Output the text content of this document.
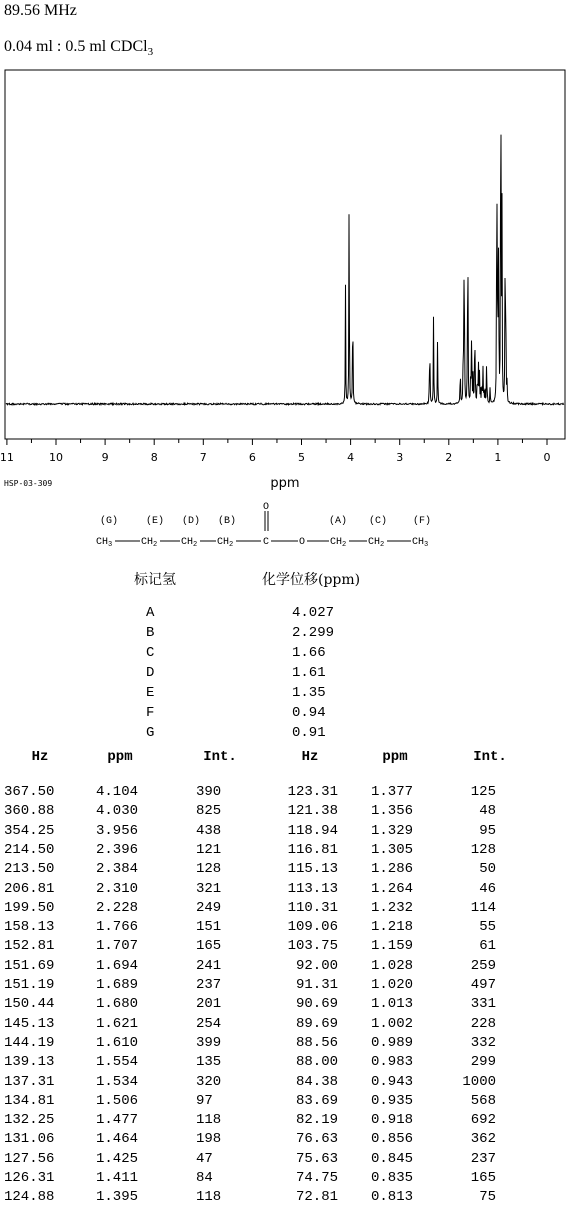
89.56 MHz
0.04 ml : 0.5 ml CDCl$_3$
11	10	9	8	7	6	5	4	3	2	1	0
HSP-03-309	ppm
(G)	(E) (D) (B)	(A) (C)	(F)
O
$CH_3$	$CH_2$ $CH_2$ $CH_2$	C	O $CH_2$ $CH_2$	$CH_3$
标记氢	化学位移(ppm)
A	4.027
B	2.299
C	1.66
D	1.61
E	1.35
F	0.94
G	0.91
Hz	ppm	Int.	Hz	ppm	Int.
367.50	4.104	390	123.31 1.377	125
360.88	4.030	825	121.38 1.356	48
354.25	3.956	438	118.94 1.329	95
214.50	2.396	121	116.81 1.305	128
213.50	2.384	128	115.13 1.286	50
206.81	2.310	321	113.13 1.264	46
199.50	2.228	249	110.31 1.232	114
158.13	1.766	151	109.06 1.218	55
152.81	1.707	165	103.75 1.159	61
151.69	1.694	241	92.00 1.028	259
151.19	1.689	237	91.31 1.020	497
150.44	1.680	201	90.69 1.013	331
145.13	1.621	254	89.69 1.002	228
144.19	1.610	399	88.56 0.989	332
139.13	1.554	135	88.00 0.983	299
137.31	1.534	320	84.38 0.943	1000
134.81	1.506	97	83.69 0.935	568
132.25	1.477	118	82.19 0.918	692
131.06	1.464	198	76.63 0.856	362
127.56	1.425	47	75.63 0.845	237
126.31	1.411	84	74.75 0.835	165
124.88	1.395	118	72.81 0.813	75
